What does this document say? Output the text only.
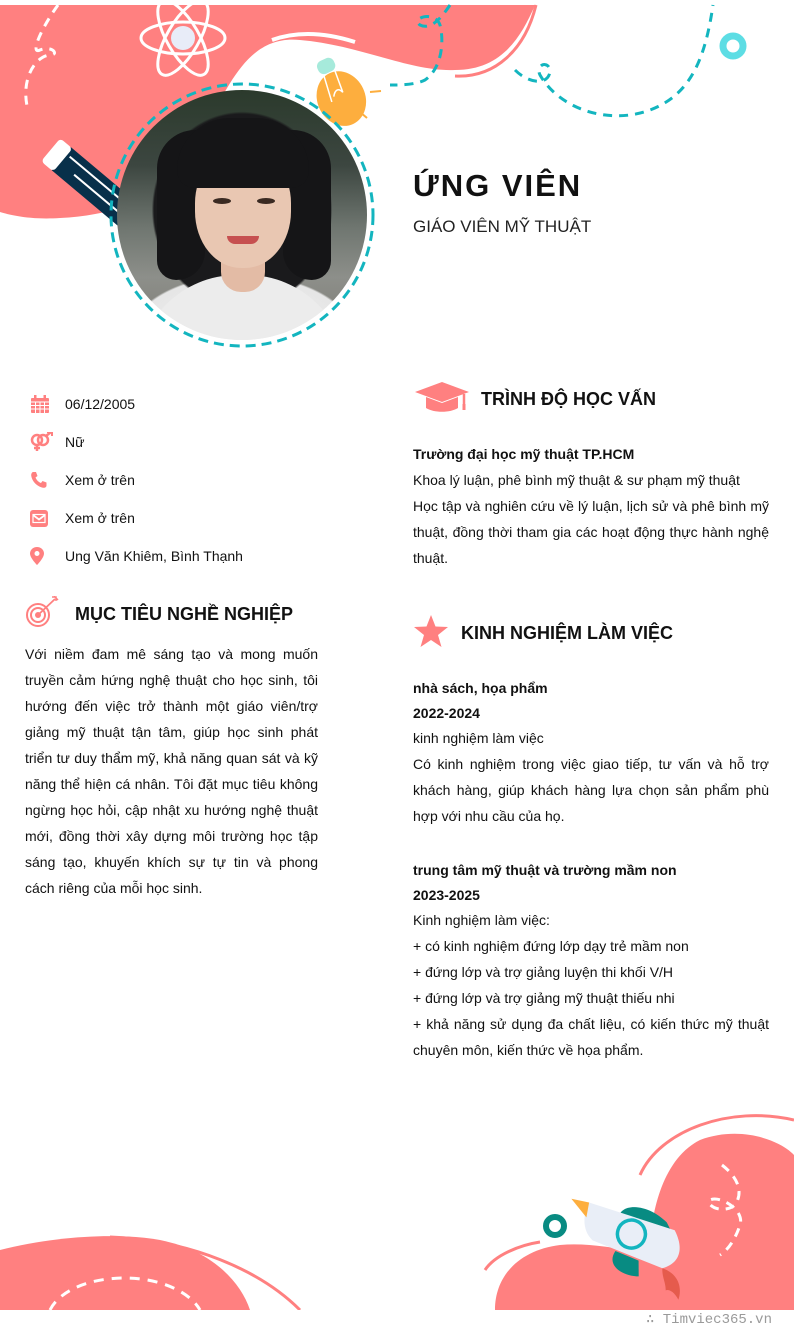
ỨNG VIÊN
GIÁO VIÊN MỸ THUẬT
06/12/2005
Nữ
Xem ở trên
Xem ở trên
Ung Văn Khiêm, Bình Thạnh
MỤC TIÊU NGHỀ NGHIỆP
Với niềm đam mê sáng tạo và mong muốn truyền cảm hứng nghệ thuật cho học sinh, tôi hướng đến việc trở thành một giáo viên/trợ giảng mỹ thuật tận tâm, giúp học sinh phát triển tư duy thẩm mỹ, khả năng quan sát và kỹ năng thể hiện cá nhân. Tôi đặt mục tiêu không ngừng học hỏi, cập nhật xu hướng nghệ thuật mới, đồng thời xây dựng môi trường học tập sáng tạo, khuyến khích sự tự tin và phong cách riêng của mỗi học sinh.
TRÌNH ĐỘ HỌC VẤN

Trường đại học mỹ thuật TP.HCM

Khoa lý luận, phê bình mỹ thuật & sư phạm mỹ thuật

Học tập và nghiên cứu về lý luận, lịch sử và phê bình mỹ thuật, đồng thời tham gia các hoạt động thực hành nghệ thuật.

KINH NGHIỆM LÀM VIỆC

nhà sách, họa phẩm

2022-2024

kinh nghiệm làm việc

Có kinh nghiệm trong việc giao tiếp, tư vấn và hỗ trợ khách hàng, giúp khách hàng lựa chọn sản phẩm phù hợp với nhu cầu của họ.

trung tâm mỹ thuật và trường mầm non

2023-2025

Kinh nghiệm làm việc:

+ có kinh nghiệm đứng lớp dạy trẻ mầm non

+ đứng lớp và trợ giảng luyện thi khối V/H

+ đứng lớp và trợ giảng mỹ thuật thiếu nhi

+ khả năng sử dụng đa chất liệu, có kiến thức mỹ thuật chuyên môn, kiến thức về họa phẩm.

∴ Timviec365.vn
